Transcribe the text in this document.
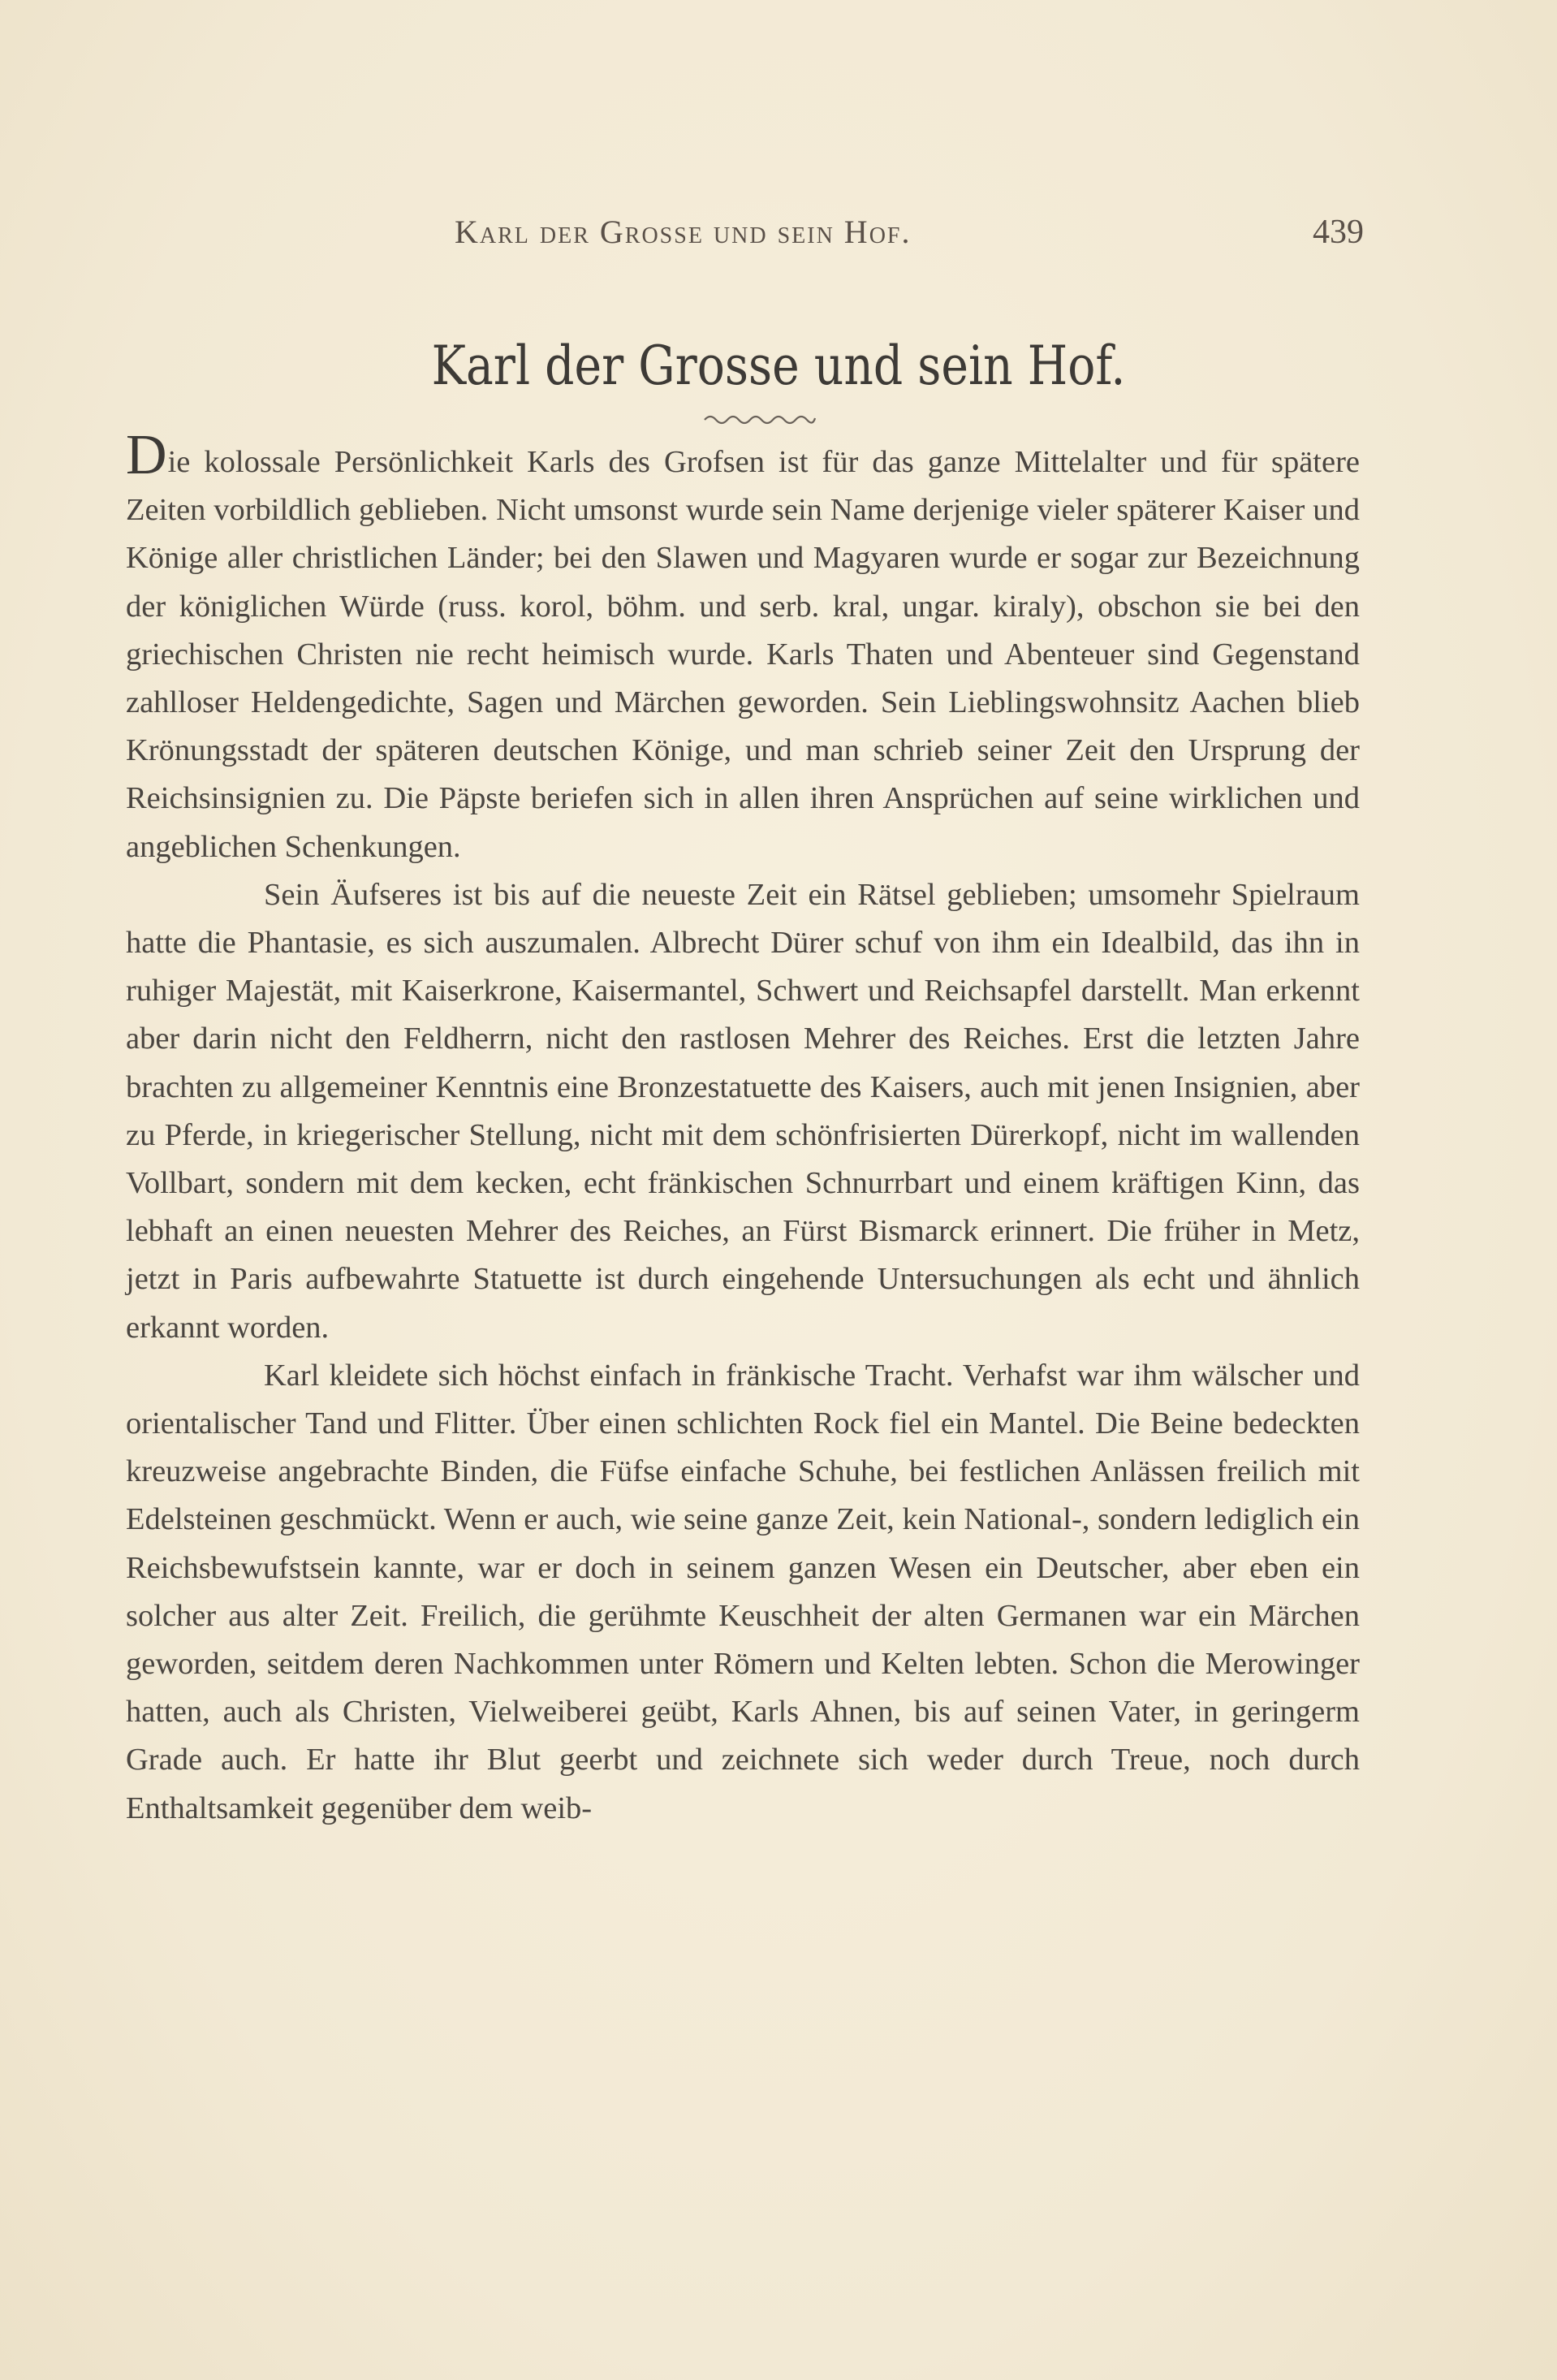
Karl der Grosse und sein Hof.	439
Karl der Grosse und sein Hof.

Die kolossale Persönlichkeit Karls des Grofsen ist für das ganze Mittelalter und für spätere Zeiten vorbildlich geblieben. Nicht umsonst wurde sein Name derjenige vieler späterer Kaiser und Könige aller christlichen Länder; bei den Slawen und Magyaren wurde er sogar zur Bezeichnung der königlichen Würde (russ. korol, böhm. und serb. kral, ungar. kiraly), obschon sie bei den griechischen Christen nie recht heimisch wurde. Karls Thaten und Abenteuer sind Gegenstand zahlloser Heldengedichte, Sagen und Märchen geworden. Sein Lieblingswohnsitz Aachen blieb Krönungsstadt der späteren deutschen Könige, und man schrieb seiner Zeit den Ursprung der Reichsinsignien zu. Die Päpste beriefen sich in allen ihren Ansprüchen auf seine wirklichen und angeblichen Schenkungen.

Sein Äufseres ist bis auf die neueste Zeit ein Rätsel geblieben; umsomehr Spielraum hatte die Phantasie, es sich auszumalen. Albrecht Dürer schuf von ihm ein Idealbild, das ihn in ruhiger Majestät, mit Kaiserkrone, Kaisermantel, Schwert und Reichsapfel darstellt. Man erkennt aber darin nicht den Feldherrn, nicht den rastlosen Mehrer des Reiches. Erst die letzten Jahre brachten zu allgemeiner Kenntnis eine Bronzestatuette des Kaisers, auch mit jenen Insignien, aber zu Pferde, in kriegerischer Stellung, nicht mit dem schönfrisierten Dürerkopf, nicht im wallenden Vollbart, sondern mit dem kecken, echt fränkischen Schnurrbart und einem kräftigen Kinn, das lebhaft an einen neuesten Mehrer des Reiches, an Fürst Bismarck erinnert. Die früher in Metz, jetzt in Paris aufbewahrte Statuette ist durch eingehende Untersuchungen als echt und ähnlich erkannt worden.

Karl kleidete sich höchst einfach in fränkische Tracht. Verhafst war ihm wälscher und orientalischer Tand und Flitter. Über einen schlichten Rock fiel ein Mantel. Die Beine bedeckten kreuzweise angebrachte Binden, die Füfse einfache Schuhe, bei festlichen Anlässen freilich mit Edelsteinen geschmückt. Wenn er auch, wie seine ganze Zeit, kein National-, sondern lediglich ein Reichsbewufstsein kannte, war er doch in seinem ganzen Wesen ein Deutscher, aber eben ein solcher aus alter Zeit. Freilich, die gerühmte Keuschheit der alten Germanen war ein Märchen geworden, seitdem deren Nachkommen unter Römern und Kelten lebten. Schon die Merowinger hatten, auch als Christen, Vielweiberei geübt, Karls Ahnen, bis auf seinen Vater, in geringerm Grade auch. Er hatte ihr Blut geerbt und zeichnete sich weder durch Treue, noch durch Enthaltsamkeit gegenüber dem weib-
